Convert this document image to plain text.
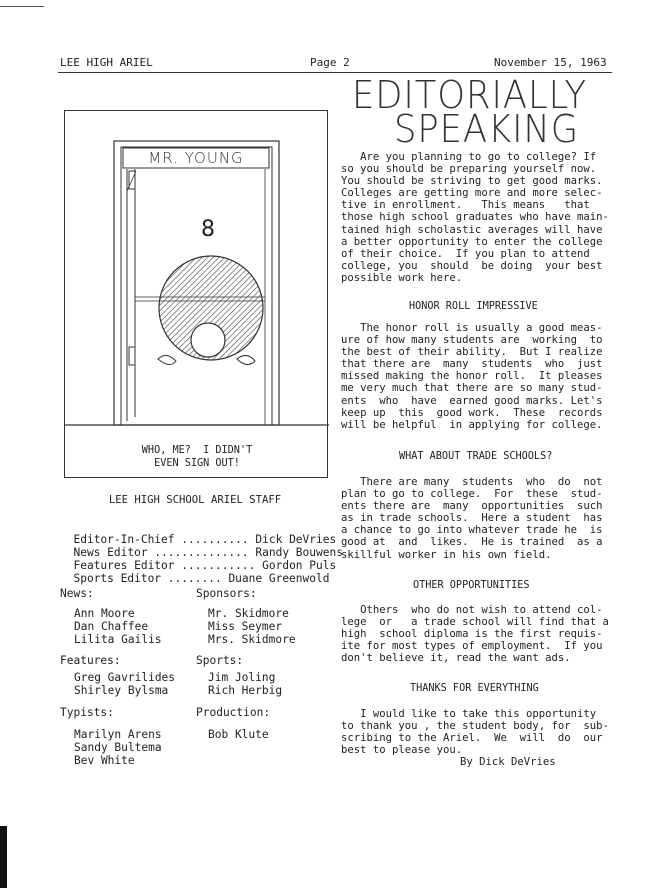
LEE HIGH ARIEL	Page 2	November 15, 1963
MR. YOUNG
8
WHO, ME?  I DIDN'T
EVEN SIGN OUT!
LEE HIGH SCHOOL ARIEL STAFF

Editor-In-Chief .......... Dick DeVries

News Editor .............. Randy Bouwens

Features Editor ........... Gordon Puls

Sports Editor ........ Duane Greenwold

News:
Ann Moore
Dan Chaffee
Lilita Gailis
Features:
Greg Gavrilides
Shirley Bylsma
Typists:
Marilyn Arens
Sandy Bultema
Bev White
Sponsors:
Mr. Skidmore
Miss Seymer
Mrs. Skidmore
Sports:
Jim Joling
Rich Herbig
Production:
Bob Klute
EDITORIALLY
SPEAKING
Are you planning to go to college? If
so you should be preparing yourself now.
You should be striving to get good marks.
Colleges are getting more and more selec-
tive in enrollment.   This means   that
those high school graduates who have main-
tained high scholastic averages will have
a better opportunity to enter the college
of their choice.  If you plan to attend
college, you  should  be doing  your best
possible work here.
HONOR ROLL IMPRESSIVE
The honor roll is usually a good meas-
ure of how many students are  working  to
the best of their ability.  But I realize
that there are  many  students  who  just
missed making the honor roll.  It pleases
me very much that there are so many stud-
ents  who  have  earned good marks. Let's
keep up  this  good work.  These  records
will be helpful  in applying for college.
WHAT ABOUT TRADE SCHOOLS?
There are many  students  who  do  not
plan to go to college.  For  these  stud-
ents there are  many  opportunities  such
as in trade schools.  Here a student  has
a chance to go into whatever trade he  is
good at  and  likes.  He is trained  as a
skillful worker in his own field.
OTHER OPPORTUNITIES
Others  who do not wish to attend col-
lege  or   a trade school will find that a
high  school diploma is the first requis-
ite for most types of employment.  If you
don't believe it, read the want ads.
THANKS FOR EVERYTHING
I would like to take this opportunity
to thank you , the student body, for  sub-
scribing to the Ariel.  We  will  do  our
best to please you.
By Dick DeVries
